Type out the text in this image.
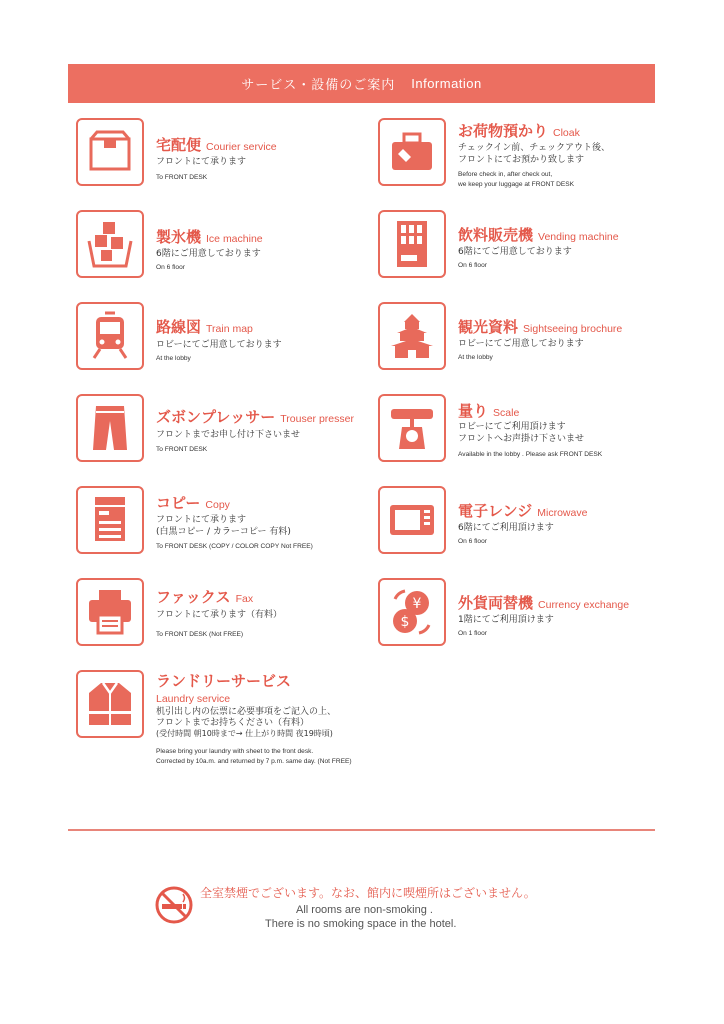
サービス・設備のご案内 Information
宅配便 Courier service
フロントにて承ります
To FRONT DESK
お荷物預かり Cloak
チェックイン前、チェックアウト後、
フロントにてお預かり致します
Before check in, after check out,
we keep your luggage at FRONT DESK
製氷機 Ice machine
6階にご用意しております
On 6 floor
飲料販売機 Vending machine
6階にてご用意しております
On 6 floor
路線図 Train map
ロビーにてご用意しております
At the lobby
観光資料 Sightseeing brochure
ロビーにてご用意しております
At the lobby
ズボンプレッサー Trouser presser
フロントまでお申し付け下さいませ
To FRONT DESK
量り Scale
ロビーにてご利用頂けます
フロントへお声掛け下さいませ
Available in the lobby . Please ask FRONT DESK
コピー Copy
フロントにて承ります
(白黒コピー / カラーコピー 有料)
To FRONT DESK (COPY / COLOR COPY Not FREE)
電子レンジ Microwave
6階にてご利用頂けます
On 6 floor
ファックス Fax
フロントにて承ります（有料）
To FRONT DESK (Not FREE)
¥
$
外貨両替機 Currency exchange
1階にてご利用頂けます
On 1 floor
ランドリーサービス
Laundry service
机引出し内の伝票に必要事項をご記入の上、
フロントまでお持ちください（有料）
(受付時間 朝10時まで→ 仕上がり時間 夜19時頃)
Please bring your laundry with sheet to the front desk.
Corrected by 10a.m. and returned by 7 p.m. same day. (Not FREE)
全室禁煙でございます。なお、館内に喫煙所はございません。
All rooms are non-smoking .
There is no smoking space in the hotel.
